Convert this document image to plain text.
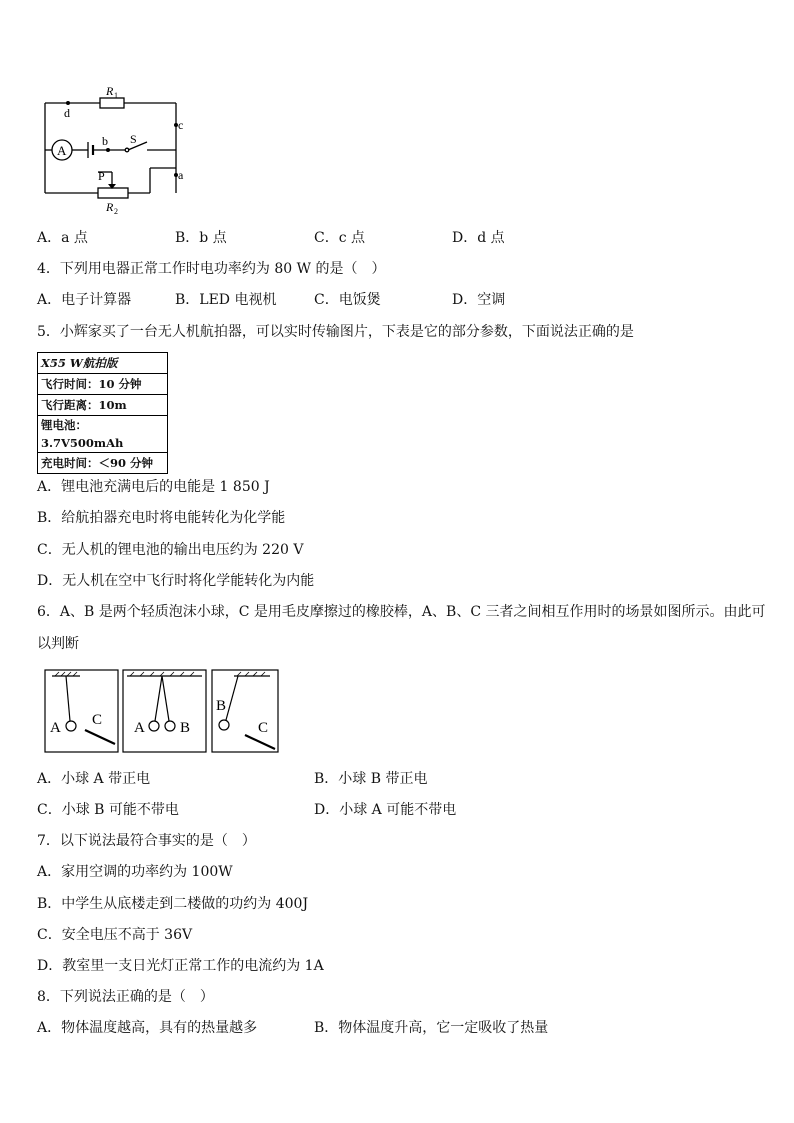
R 1
d
c
b S
a
P
R 2
A
A．a 点	B．b 点	C．c 点	D．d 点
4．下列用电器正常工作时电功率约为 80 W 的是（　）
A．电子计算器	B．LED 电视机	C．电饭煲	D．空调
5．小辉家买了一台无人机航拍器，可以实时传输图片，下表是它的部分参数，下面说法正确的是
X55 W航拍版
飞行时间：10 分钟
飞行距离：10m
锂电池：3.7V500mAh
充电时间：＜90 分钟
A．锂电池充满电后的电能是 1 850 J
B．给航拍器充电时将电能转化为化学能
C．无人机的锂电池的输出电压约为 220 V
D．无人机在空中飞行时将化学能转化为内能
6．A、B 是两个轻质泡沫小球，C 是用毛皮摩擦过的橡胶棒，A、B、C 三者之间相互作用时的场景如图所示。由此可
以判断
A C A B
B
C
A．小球 A 带正电	B．小球 B 带正电
C．小球 B 可能不带电	D．小球 A 可能不带电
7．以下说法最符合事实的是（　）
A．家用空调的功率约为 100W
B．中学生从底楼走到二楼做的功约为 400J
C．安全电压不高于 36V
D．教室里一支日光灯正常工作的电流约为 1A
8．下列说法正确的是（　）
A．物体温度越高，具有的热量越多	B．物体温度升高，它一定吸收了热量
